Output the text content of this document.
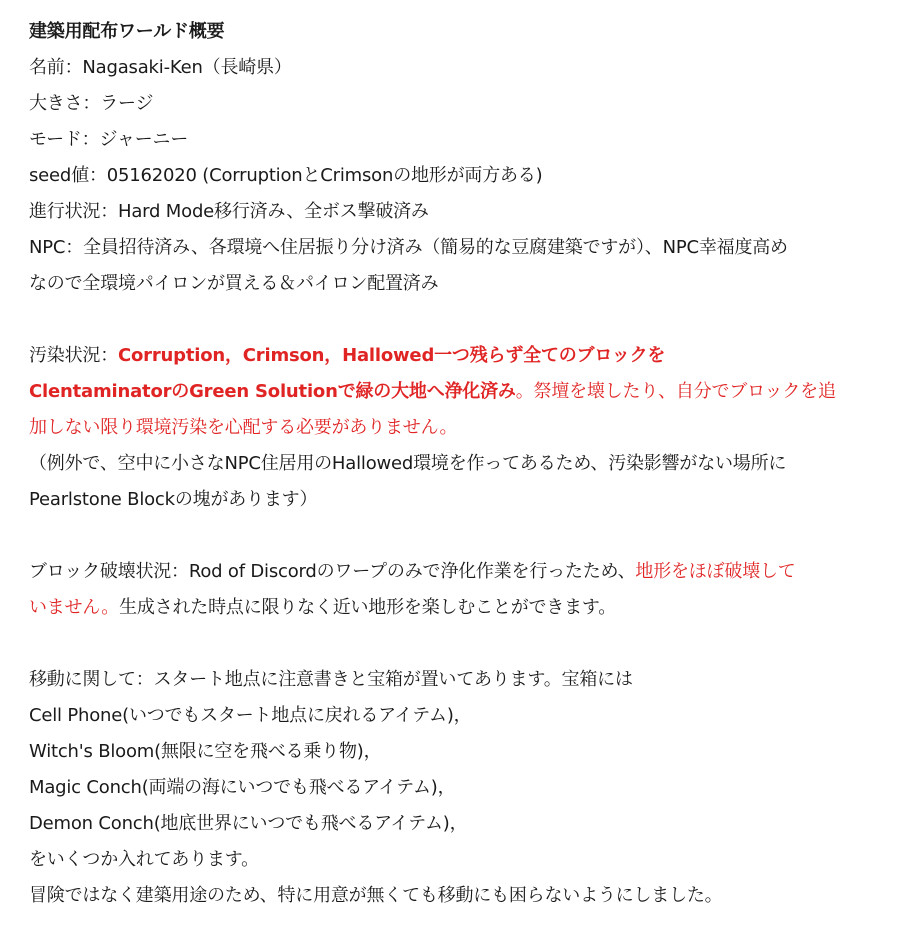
建築用配布ワールド概要
名前：Nagasaki-Ken（長崎県）
大きさ：ラージ
モード：ジャーニー
seed値：05162020 (CorruptionとCrimsonの地形が両方ある)
進行状況：Hard Mode移行済み、全ボス撃破済み
NPC：全員招待済み、各環境へ住居振り分け済み（簡易的な豆腐建築ですが）、NPC幸福度高め
なので全環境パイロンが買える＆パイロン配置済み
汚染状況：Corruption，Crimson，Hallowed一つ残らず全てのブロックを
ClentaminatorのGreen Solutionで緑の大地へ浄化済み。祭壇を壊したり、自分でブロックを追
加しない限り環境汚染を心配する必要がありません。
（例外で、空中に小さなNPC住居用のHallowed環境を作ってあるため、汚染影響がない場所に
Pearlstone Blockの塊があります）
ブロック破壊状況：Rod of Discordのワープのみで浄化作業を行ったため、地形をほぼ破壊して
いません。生成された時点に限りなく近い地形を楽しむことができます。
移動に関して：スタート地点に注意書きと宝箱が置いてあります。宝箱には
Cell Phone(いつでもスタート地点に戻れるアイテム)，
Witch's Bloom(無限に空を飛べる乗り物)，
Magic Conch(両端の海にいつでも飛べるアイテム)，
Demon Conch(地底世界にいつでも飛べるアイテム)，
をいくつか入れてあります。
冒険ではなく建築用途のため、特に用意が無くても移動にも困らないようにしました。
